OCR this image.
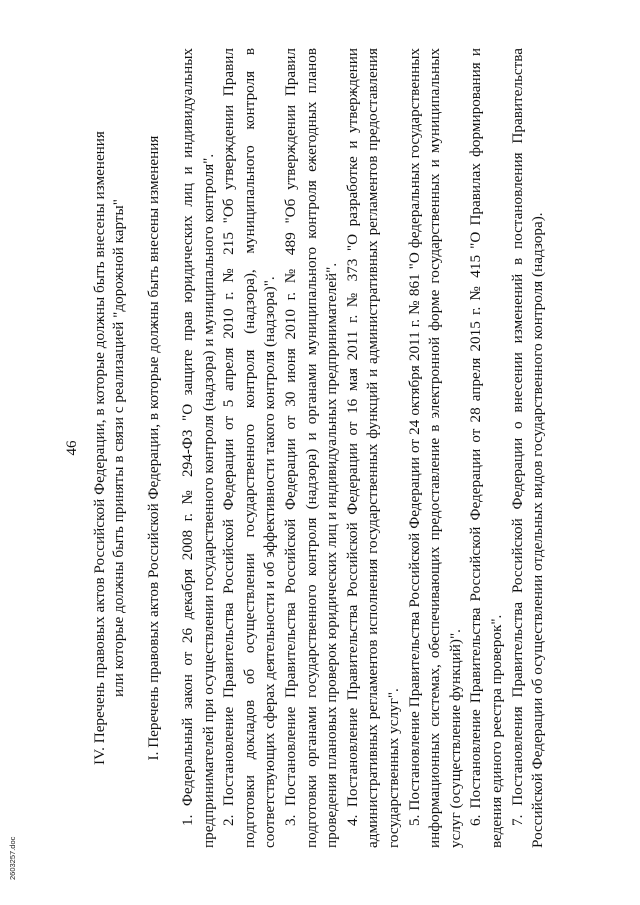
46 IV. Перечень правовых актов Российской Федерации, в которые должны быть внесены изменения или которые должны быть приняты в связи с реализацией "дорожной карты" I. Перечень правовых актов Российской Федерации, в которые должны быть внесены изменения 1. Федеральный закон от 26 декабря 2008 г. № 294-ФЗ "О защите прав юридических лиц и индивидуальных предпринимателей при осуществлении государственного контроля (надзора) и муниципального контроля". 2. Постановление Правительства Российской Федерации от 5 апреля 2010 г. № 215 "Об утверждении Правил подготовки докладов об осуществлении государственного контроля (надзора), муниципального контроля в соответствующих сферах деятельности и об эффективности такого контроля (надзора)". 3. Постановление Правительства Российской Федерации от 30 июня 2010 г. № 489 "Об утверждении Правил подготовки органами государственного контроля (надзора) и органами муниципального контроля ежегодных планов проведения плановых проверок юридических лиц и индивидуальных предпринимателей". 4. Постановление Правительства Российской Федерации от 16 мая 2011 г. № 373 "О разработке и утверждении административных регламентов исполнения государственных функций и административных регламентов предоставления государственных услуг". 5. Постановление Правительства Российской Федерации от 24 октября 2011 г. № 861 "О федеральных государственных информационных системах, обеспечивающих предоставление в электронной форме государственных и муниципальных услуг (осуществление функций)". 6. Постановление Правительства Российской Федерации от 28 апреля 2015 г. № 415 "О Правилах формирования и ведения единого реестра проверок". 7. Постановления Правительства Российской Федерации о внесении изменений в постановления Правительства Российской Федерации об осуществлении отдельных видов государственного контроля (надзора).

2603257.doc
